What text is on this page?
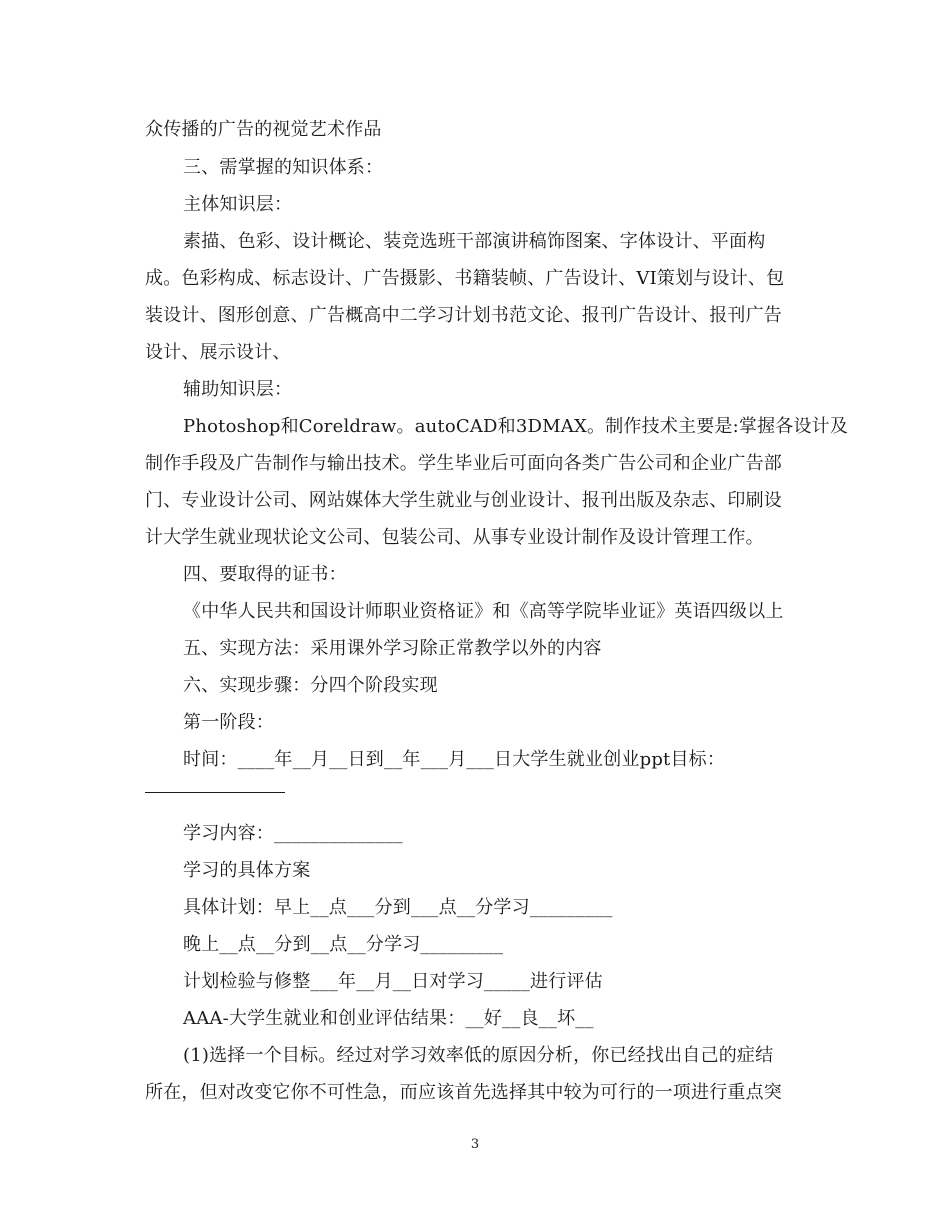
众传播的广告的视觉艺术作品
三、需掌握的知识体系：
主体知识层：
素描、色彩、设计概论、装竞选班干部演讲稿饰图案、字体设计、平面构
成。色彩构成、标志设计、广告摄影、书籍装帧、广告设计、VI策划与设计、包
装设计、图形创意、广告概高中二学习计划书范文论、报刊广告设计、报刊广告
设计、展示设计、
辅助知识层：
Photoshop和Coreldraw。autoCAD和3DMAX。制作技术主要是:掌握各设计及
制作手段及广告制作与输出技术。学生毕业后可面向各类广告公司和企业广告部
门、专业设计公司、网站媒体大学生就业与创业设计、报刊出版及杂志、印刷设
计大学生就业现状论文公司、包装公司、从事专业设计制作及设计管理工作。
四、要取得的证书：
《中华人民共和国设计师职业资格证》和《高等学院毕业证》英语四级以上
五、实现方法：采用课外学习除正常教学以外的内容
六、实现步骤：分四个阶段实现
第一阶段：
时间：____年__月__日到__年___月___日大学生就业创业ppt目标：
学习内容：______________
学习的具体方案
具体计划：早上__点___分到___点__分学习_________
晚上__点__分到__点__分学习_________
计划检验与修整___年__月__日对学习_____进行评估
AAA-大学生就业和创业评估结果：__好__良__坏__
(1)选择一个目标。经过对学习效率低的原因分析，你已经找出自己的症结
所在，但对改变它你不可性急，而应该首先选择其中较为可行的一项进行重点突
3
